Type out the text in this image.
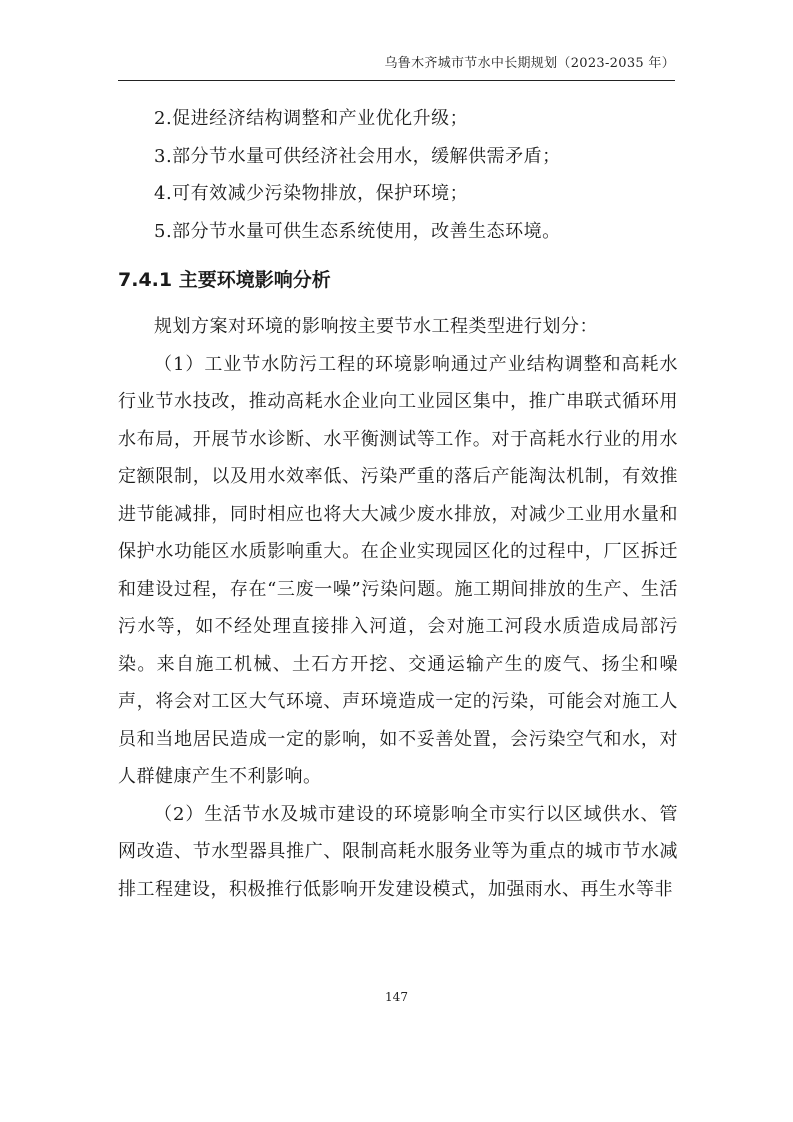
乌鲁木齐城市节水中长期规划（2023-2035 年）

2.促进经济结构调整和产业优化升级；

3.部分节水量可供经济社会用水，缓解供需矛盾；

4.可有效减少污染物排放，保护环境；

5.部分节水量可供生态系统使用，改善生态环境。

7.4.1 主要环境影响分析

规划方案对环境的影响按主要节水工程类型进行划分：

（1）工业节水防污工程的环境影响通过产业结构调整和高耗水行业节水技改，推动高耗水企业向工业园区集中，推广串联式循环用水布局，开展节水诊断、水平衡测试等工作。对于高耗水行业的用水定额限制，以及用水效率低、污染严重的落后产能淘汰机制，有效推进节能减排，同时相应也将大大减少废水排放，对减少工业用水量和保护水功能区水质影响重大。在企业实现园区化的过程中，厂区拆迁和建设过程，存在“三废一噪”污染问题。施工期间排放的生产、生活污水等，如不经处理直接排入河道，会对施工河段水质造成局部污染。来自施工机械、土石方开挖、交通运输产生的废气、扬尘和噪声，将会对工区大气环境、声环境造成一定的污染，可能会对施工人员和当地居民造成一定的影响，如不妥善处置，会污染空气和水，对人群健康产生不利影响。

（2）生活节水及城市建设的环境影响全市实行以区域供水、管网改造、节水型器具推广、限制高耗水服务业等为重点的城市节水减排工程建设，积极推行低影响开发建设模式，加强雨水、再生水等非

147
